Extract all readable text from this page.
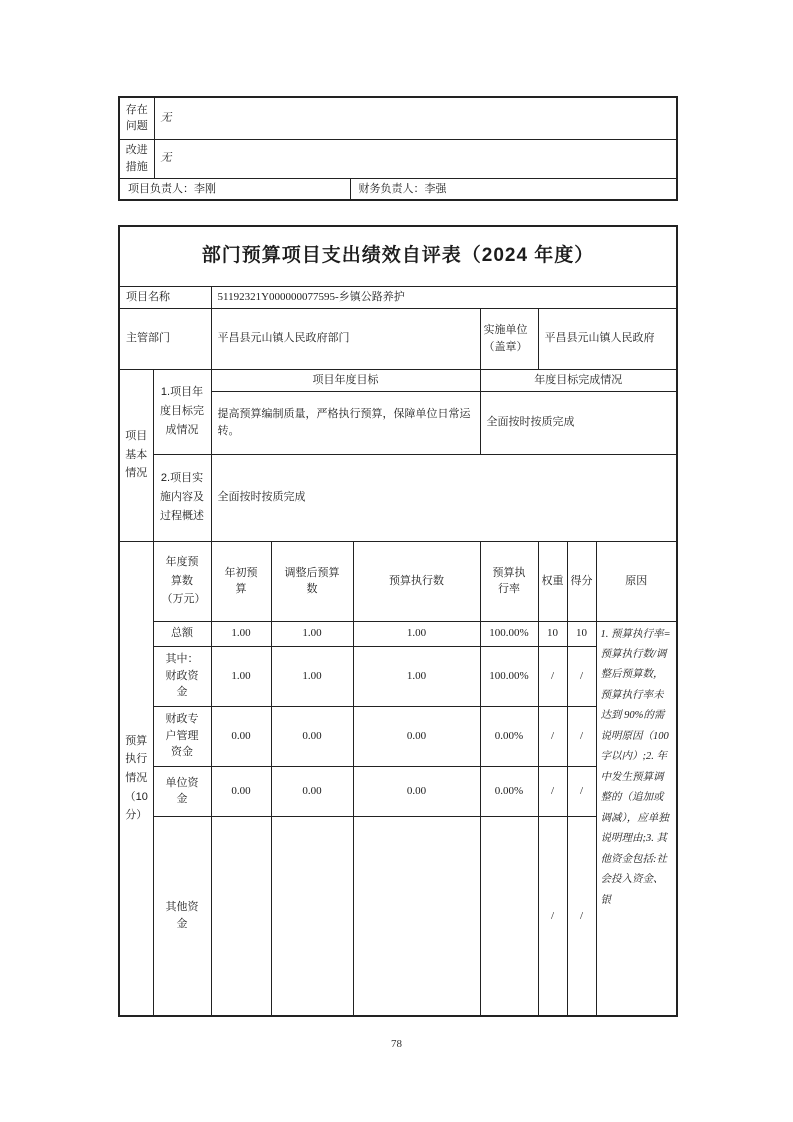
存在问题	无	
改进措施	无	
项目负责人：李刚		财务负责人：李强
部门预算项目支出绩效自评表（2024 年度）								
项目名称		51192321Y000000077595-乡镇公路养护						
主管部门		平昌县元山镇人民政府部门			实施单位（盖章）	平昌县元山镇人民政府		
项目基本情况	1.项目年度目标完成情况	项目年度目标			年度目标完成情况			
		提高预算编制质量，严格执行预算，保障单位日常运转。			全面按时按质完成			
	2.项目实施内容及过程概述	全面按时按质完成						
预算执行情况（10分）	年度预算数（万元）	年初预算	调整后预算数	预算执行数	预算执行率	权重	得分	原因
	总额	1.00	1.00	1.00	100.00%	10	10	1. 预算执行率=预算执行数/调整后预算数，预算执行率未达到 90%的需说明原因（100 字以内）;2. 年中发生预算调整的（追加或调减），应单独说明理由;3. 其他资金包括:社会投入资金、银
	其中：财政资金	1.00	1.00	1.00	100.00%	/	/	
	财政专户管理资金	0.00	0.00	0.00	0.00%	/	/	
	单位资金	0.00	0.00	0.00	0.00%	/	/	
	其他资金					/	/	
78
